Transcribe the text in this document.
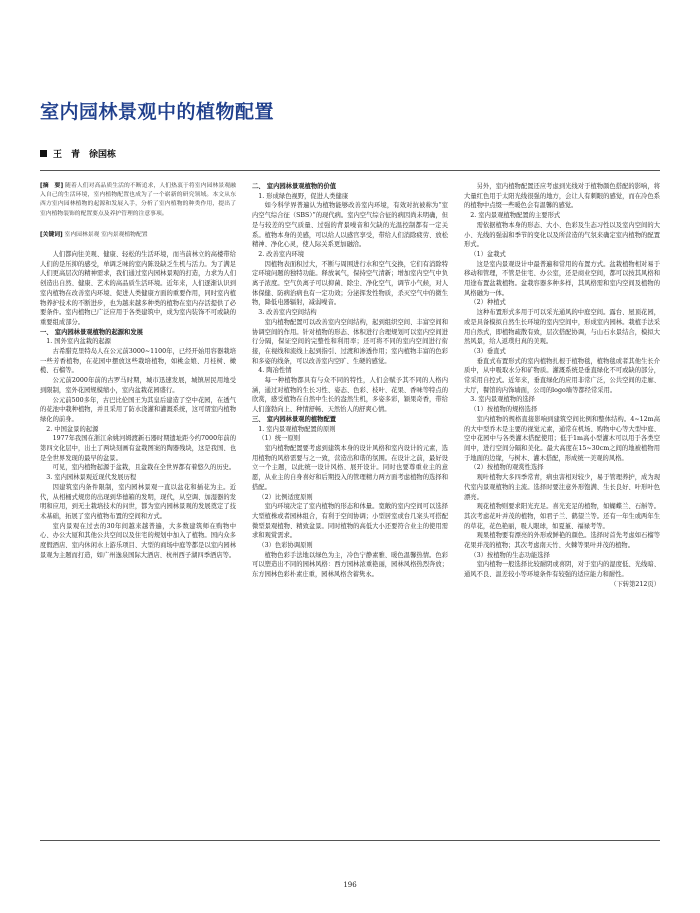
室内园林景观中的植物配置
王　青　徐国栋

[摘　要] 随着人们对高品质生活的不断追求，人们热衷于将室内园林景观融入自己的生活环境，室内植物配置也成为了一个崭新的研究领域。本文从东西方室内园林植物的起源和发展入手，分析了室内植物的种类作用，提出了室内植物装饰的配置要点及养护管理的注意事项。

[关键词] 室内园林景观 室内景观植物配置

人们都向往美观、健康、轻松的生活环境，而当前林立的高楼带给人们的是压抑的感受，单调乏味的室内陈设缺乏生机与活力。为了满足人们更高层次的精神需求，我们通过室内园林景观的打造，力求为人们创造出自然、健康、艺术的高品质生活环境。近年来，人们逐渐认识到室内植物在改善室内环境、促进人类健康方面的重要作用，同时室内植物养护技术的不断进步，也为越来越多种类的植物在室内存活提供了必要条件。室内植物已广泛应用于各类建筑中，成为室内装饰不可或缺的重要组成部分。

一、 室内园林景观植物的起源和发展

1. 国外室内盆栽的起源

古希腊克里特岛人在公元前3000~1100年，已经开始用容器栽培一些芳香植物，在花园中摆放这些栽培植物，如桃金娘、月桂树、橄榄、石榴等。

公元前2000年前的古罗马时期，城市迅速发展，城镇居民用地受到限制，室外花园规模缩小，室内盆栽花园盛行。

公元前500多年，古巴比伦国王为其皇后建造了空中花园，在透气的花池中栽种植物，并且采用了防水浇灌和灌溉系统，这可谓室内植物绿化的前身。

2. 中国盆景的起源

1977年我国在浙江余姚河姆渡新石器时期遗址距今约7000年前的第四文化层中，出土了两块刻画有盆栽图案的陶器残块，这是我国、也是全世界发现的最早的盆景。

可见，室内植物起源于盆栽，且盆栽在全世界都有着悠久的历史。

3. 室内园林景观近现代发展历程

因建筑室内条件限制，室内园林景观一直以盆花和插花为主。近代，从相桶式规房的出现到华德箱的发明，现代，从空调、加湿器的发明和应用，到无土栽培技术的问世，都为室内园林景观的发展奠定了技术基础，拓展了室内植物布置的空间和方式。

室内景观在过去的30年间越来越普遍，大多数建筑师在购物中心、办公大厦和其他公共空间以及住宅的规划中加入了植物。国内众多度假酒店、室内休闲水上游乐项目、大型的商场中庭等都是以室内园林景观为主题而打造，如广州逸泉国际大酒店、杭州西子湖四季酒店等。

二、 室内园林景观植物的价值

1. 形成绿色视野，促进人类健康

如今科学界普遍认为植物能够改善室内环境，有效对抗被称为“室内空气综合征（SBS）”的现代病。室内空气综合征的病因尚未明确，但是与较差的空气质量、过强的背景噪音和欠缺的光温控制都有一定关系。植物本身的美感，可以给人以感官享受，带给人们消除疲劳、放松精神、净化心灵，使人际关系更加融洽。

2. 改善室内环境

因植物表面积过大，不断与周围进行水和空气交换，它们有消除特定环境问题的独特功能。释放氧气，保持空气清新；增加室内空气中负离子浓度。空气负离子可以抑菌、除尘、净化空气，调节小气候，对人体保健、防病治病也有一定功效；分泌挥发性物质，杀灭空气中的微生物，降低电器辐射，减弱噪音。

3. 改善室内空间结构

室内植物配置可以改善室内空间结构，起到组织空间、丰富空间和协调空间的作用。针对植物的形态、体积进行合理规划可以室内空间进行分隔，保证空间的完整性和利用率；还可将不同的室内空间进行衔接，在视线和流线上起到指引、过渡和渗透作用；室内植物丰富的色彩和多姿的线条，可以改善室内空旷、生硬的感觉。

4. 陶冶性情

每一种植物都具有与众不同的特性，人们会赋予其不同的人格内涵，通过对植物的生长习性、姿态、色彩、枝叶、花果、香味等特点的欣赏，感受植物在自然中生长的盎然生机，多姿多彩，颖果奇香，带给人们蓬勃向上、种情舒畅、天然怡人的舒爽心情。

三、 室内园林景观的植物配置

1. 室内景观植物配置的原则

（1）统一原则

室内植物配置要考虑到建筑本身的设计风格和室内设计的元素，选用植物的风格需要与之一致，营造出和谐的氛围。在设计之前，最好设立一个主题，以此统一设计风格、展开设计。同时也要尊重业主的意愿，从业主的自身喜好和后期投入的管理精力两方面考虑植物的选择和搭配。

（2）比例适度原则

室内环境决定了室内植物的形态和体量。宽敞的室内空间可以选择大型植株或者园林组合，有利于空间协调；小型居室或台几案头可搭配微型景观植物、精致盆景。同时植物的高低大小还要符合业主的使用需求和观赏需求。

（3）色彩协调原则

植物色彩手法地以绿色为主，冷色宁静素雅、暖色温馨热情。色彩可以塑造出不同的园林风格：西方园林浓重艳丽，园林风格热烈奔放；东方园林色彩朴素庄重，园林风格含蓄隽永。

另外，室内植物配置还应考虑到光线对于植物颜色搭配的影响，将大量红色用于太阳光线很强的地方，会让人有刺眼的感觉，而在冷色系的植物中点缀一些暖色会有温馨的感觉。

2. 室内景观植物配置的主要形式

需依据植物本身的形态、大小、色彩及生态习性以及室内空间的大小、光线的强弱和季节的变化以及所营造的气氛来确定室内植物的配置形式。

（1）盆栽式

这是室内景观设计中最普遍和常用的布置方式。盆栽植物相对易于移动和管理，不管是住宅、办公室，还是商业空间，都可以按其风格和用途布置盆栽植物。盆栽容器多种多样，其风格需和室内空间及植物的风格融为一体。

（2）种植式

这种布置形式多用于可以采光通风的中庭空间。露台、屋顶花园，或是具备模拟自然生长环境的室内空间中，形成室内园林。栽植手法采用自然式，即植物疏散有致，层次搭配协调，与山石水景结合，模拟大然风景，给人返璞归真的美观。

（3）垂直式

垂直式布置形式的室内植物扎根于植物毯，植物毯或者其他生长介质中，从中吸取水分和矿物质。灌溉系统是垂直绿化不可或缺的部分，常采用自控式。近年来，垂直绿化的应用非常广泛，公共空间的走廊、大厅，餐馆的内饰墙面，公司的logo墙等都经常采用。

3. 室内景观植物的选择

（1）按植物的规格选择

室内植物的规格直接影响到建筑空间比例和整体结构。4~12m高的大中型乔木是主要的视觉元素，通常在机场、购物中心等大型中庭、空中花园中与各类灌木搭配使用；低于1m高小型灌木可以用于各类空间中，进行空间分隔和美化。最大高度在15~30cm之间的地被植物用于地面的边缘，与树木、灌木搭配，形成统一美观的风格。

（2）按植物的观赏性选择

观叶植物大多四季常青，病虫害相对较少，易于管理养护，成为现代室内景观植物的主流。选择时要注意外形饱满、生长良好、叶形叶色漂亮。

观花植物则要求阳光充足。喜光充足的植物，如蝴蝶兰、石斛等。其次考虑花叶并茂的植物，如君子兰、鹤望兰等。还有一年生或两年生的草花，花色艳丽，吸人眼球，如夏堇、福禄考等。

观果植物要有漂亮的外形或鲜艳的颜色。选择时首先考虑如石榴等花果并茂的植物；其次考虑南天竹、火棘等果叶并茂的植物。

（3）按植物的生态功能选择

室内植物一般选择比较耐阴或喜阴，对于室内的湿度低、光线暗、通风不良、温差较小等环境条件有较强的适应能力和耐性。

（下转第212页）

196
